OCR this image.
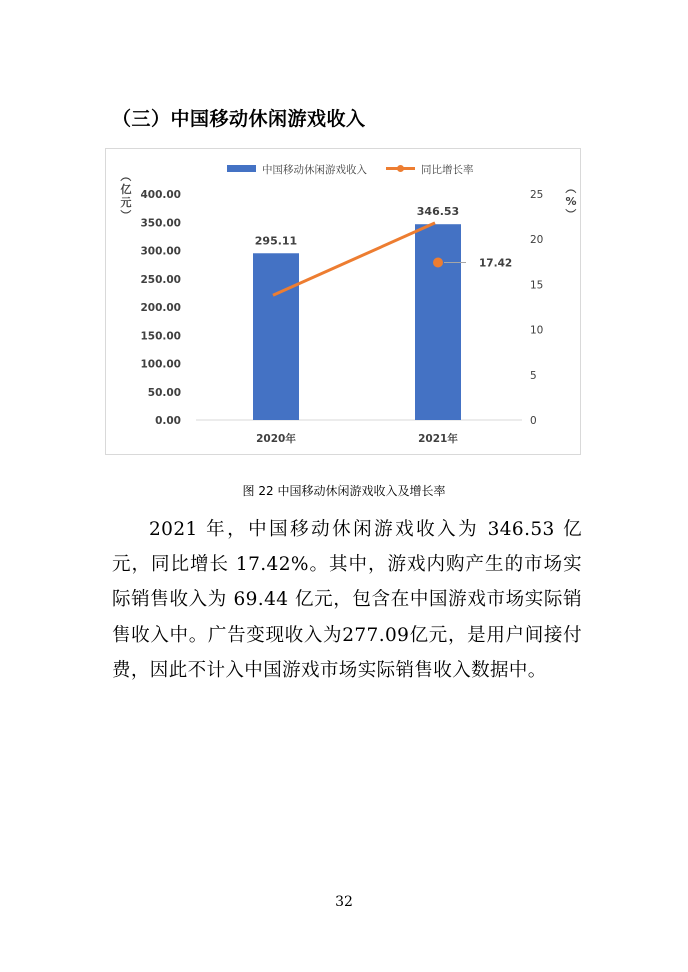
（三）中国移动休闲游戏收入
中国移动休闲游戏收入	同比增长率
（
亿
元
）
（
%
）
0.00
50.00
100.00
150.00
200.00
250.00
300.00
350.00
400.00
0
5
10
15
20
25
295.11
346.53
17.42
2020年	2021年
图 22 中国移动休闲游戏收入及增长率

2021 年，中国移动休闲游戏收入为 346.53 亿元，同比增长 17.42%。其中，游戏内购产生的市场实际销售收入为 69.44 亿元，包含在中国游戏市场实际销售收入中。广告变现收入为277.09亿元，是用户间接付费，因此不计入中国游戏市场实际销售收入数据中。

32
